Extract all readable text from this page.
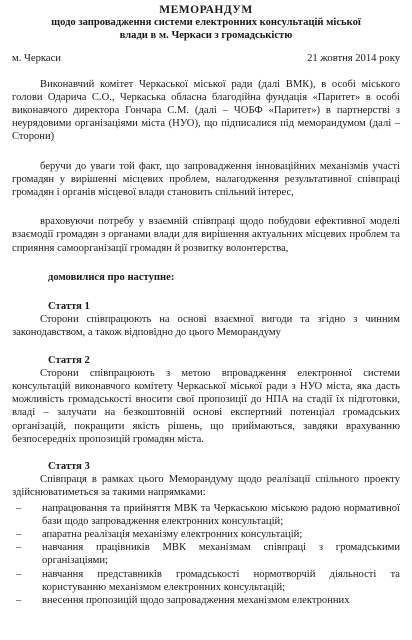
МЕМОРАНДУМ
щодо запровадження системи електронних консультацій міської
влади в м. Черкаси з громадськістю
м. Черкаси	21 жовтня 2014 року

Виконавчий комітет Черкаської міської ради (далі ВМК), в особі міського голови Одарича С.О., Черкаська обласна благодійна фундація «Паритет» в особі виконавчого директора Гончара С.М. (далі – ЧОБФ «Паритет») в партнерстві з неурядовими організаціями міста (НУО), що підписалися під меморандумом (далі – Сторони)

беручи до уваги той факт, що запровадження інноваційних механізмів участі громадян у вирішенні місцевих проблем, налагодження результативної співпраці громадян і органів місцевої влади становить спільний інтерес,

враховуючи потребу у взаємній співпраці щодо побудови ефективної моделі взаємодії громадян з органами влади для вирішення актуальних місцевих проблем та сприяння самоорганізації громадян й розвитку волонтерства,

домовилися про наступне:
Стаття 1

Сторони співпрацюють на основі взаємної вигоди та згідно з чинним законодавством, а також відповідно до цього Меморандуму

Стаття 2

Сторони співпрацюють з метою впровадження електронної системи консультацій виконавчого комітету Черкаської міської ради з НУО міста, яка дасть можливість громадськості вносити свої пропозиції до НПА на стадії їх підготовки, владі – залучати на безкоштовній основі експертний потенціал громадських організацій, покращити якість рішень, що приймаються, завдяки врахуванню безпосередніх пропозицій громадян міста.

Стаття 3

Співпраця в рамках цього Меморандуму щодо реалізації спільного проекту здійснюватиметься за такими напрямками:

– напрацювання та прийняття МВК та Черкаською міською радою нормативної бази щодо запровадження електронних консультацій;
– апаратна реалізація механізму електронних консультацій;
– навчання працівників МВК механізмам співпраці з громадськими організаціями;
– навчання представників громадськості нормотворчій діяльності та користуванню механізмом електронних консультацій;
– внесення пропозицій щодо запровадження механізмом електронних
